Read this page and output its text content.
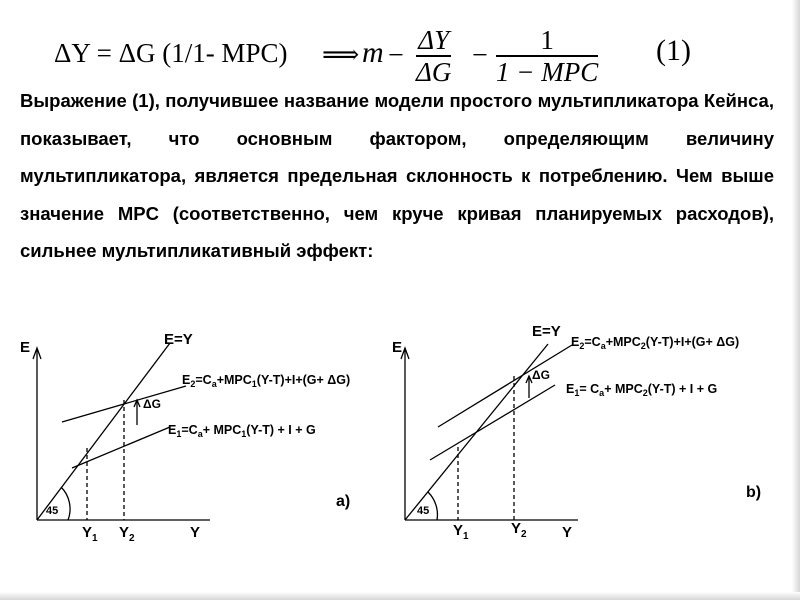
ΔY = ΔG (1/1- MPC) ⟹ m − ΔY
ΔG
− 1
1 − MPC
(1)
Выражение (1), получившее название модели простого мультипликатора Кейнса, показывает, что основным фактором, определяющим величину мультипликатора, является предельная склонность к потреблению. Чем выше значение MPC (соответственно, чем круче кривая планируемых расходов), сильнее мультипликативный эффект:
E
Y
E=Y
$E_2=C_a+MPC_1(Y-T)+I+(G+ \Delta G)$
$E_1=C_a+ MPC_1(Y-T) + I + G$
ΔG
45
$Y_1$ $Y_2$
a)
E
Y
E=Y
$E_2=C_a+MPC_2(Y-T)+I+(G+ \Delta G)$
$E_1= C_a+ MPC_2(Y-T) + I + G$
ΔG
45
$Y_1$	$Y_2$
b)
